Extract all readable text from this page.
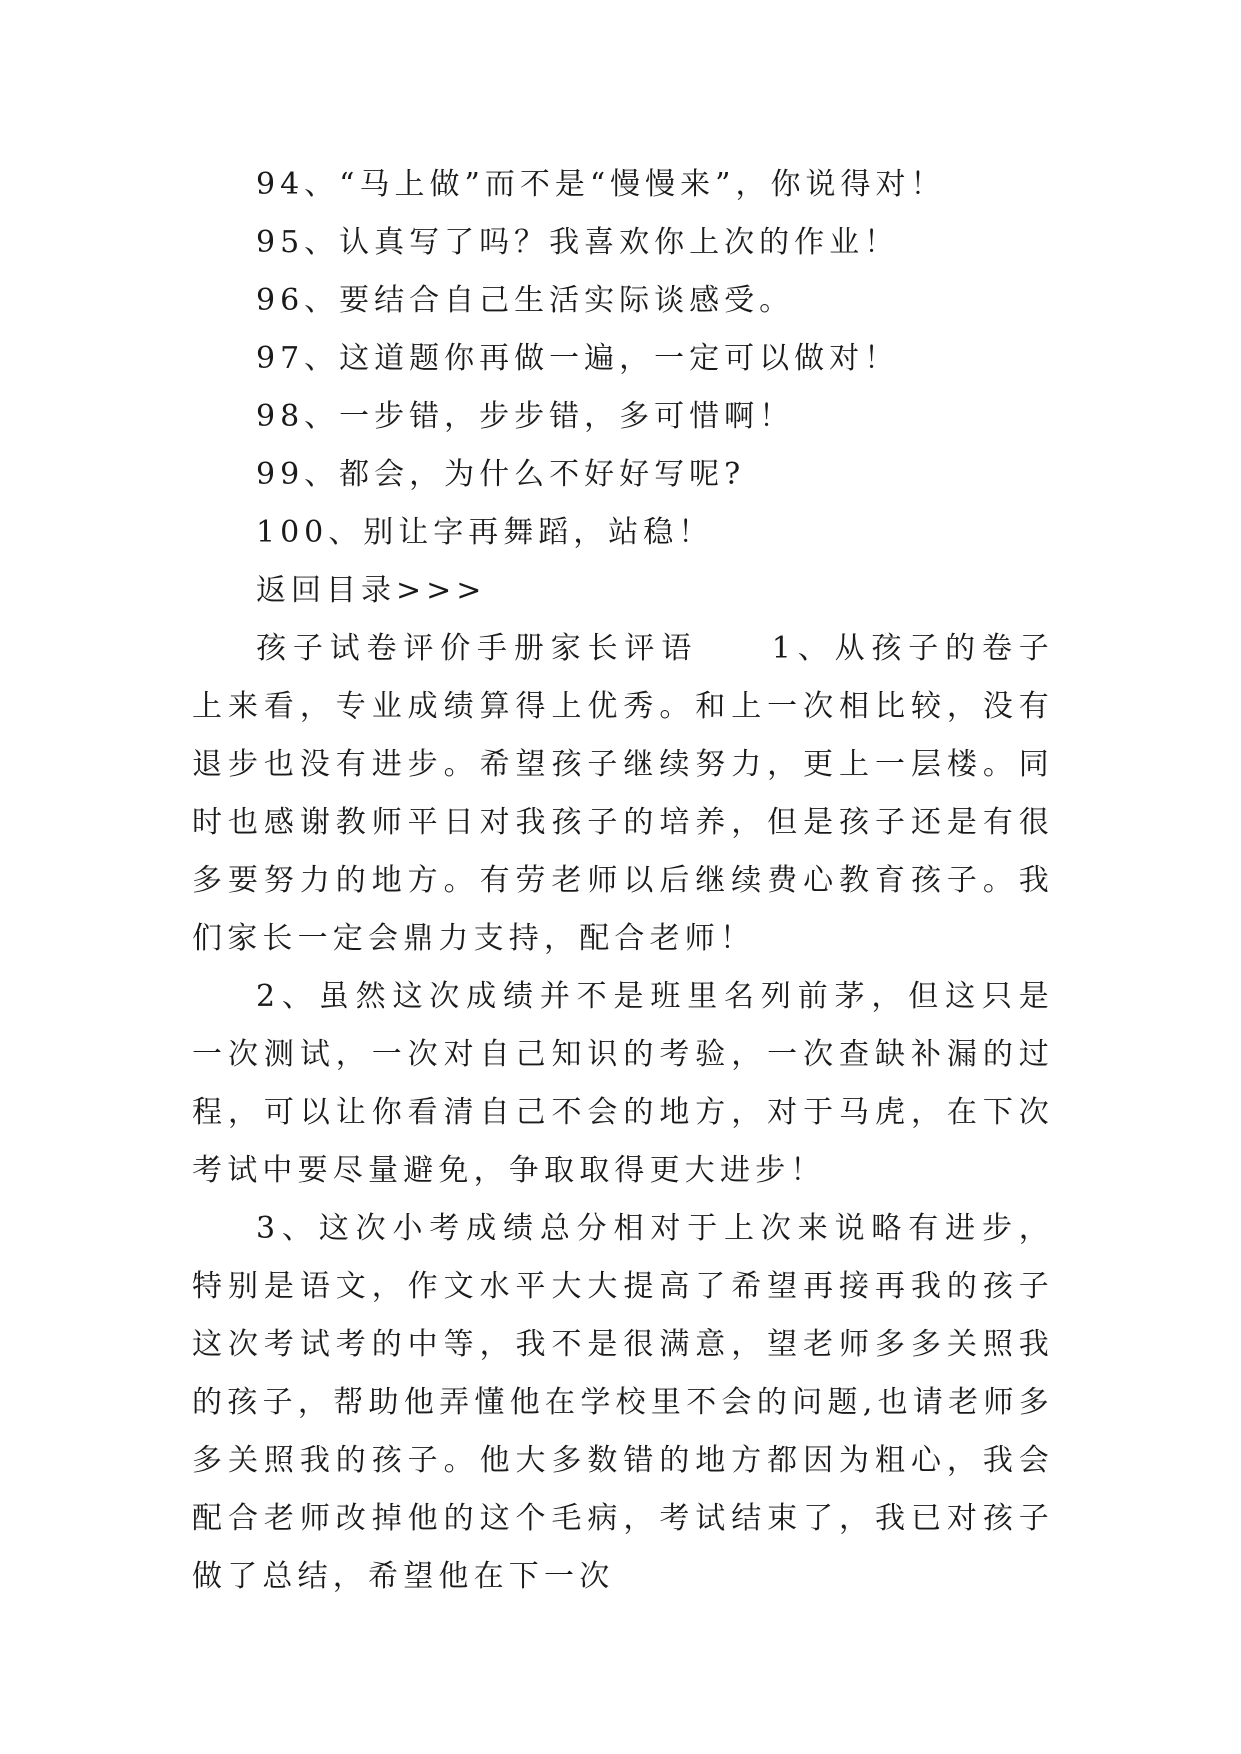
94、“马上做”而不是“慢慢来”，你说得对！
95、认真写了吗？我喜欢你上次的作业！
96、要结合自己生活实际谈感受。
97、这道题你再做一遍，一定可以做对！
98、一步错，步步错，多可惜啊！
99、都会，为什么不好好写呢?
100、别让字再舞蹈，站稳！
返回目录>>>

孩子试卷评价手册家长评语　　1、从孩子的卷子上来看，专业成绩算得上优秀。和上一次相比较，没有退步也没有进步。希望孩子继续努力，更上一层楼。同时也感谢教师平日对我孩子的培养，但是孩子还是有很多要努力的地方。有劳老师以后继续费心教育孩子。我们家长一定会鼎力支持，配合老师！

2、虽然这次成绩并不是班里名列前茅，但这只是一次测试，一次对自己知识的考验，一次查缺补漏的过程，可以让你看清自己不会的地方，对于马虎，在下次考试中要尽量避免，争取取得更大进步！

3、这次小考成绩总分相对于上次来说略有进步，特别是语文，作文水平大大提高了希望再接再我的孩子这次考试考的中等，我不是很满意，望老师多多关照我的孩子，帮助他弄懂他在学校里不会的问题,也请老师多多关照我的孩子。他大多数错的地方都因为粗心，我会配合老师改掉他的这个毛病，考试结束了，我已对孩子做了总结，希望他在下一次
